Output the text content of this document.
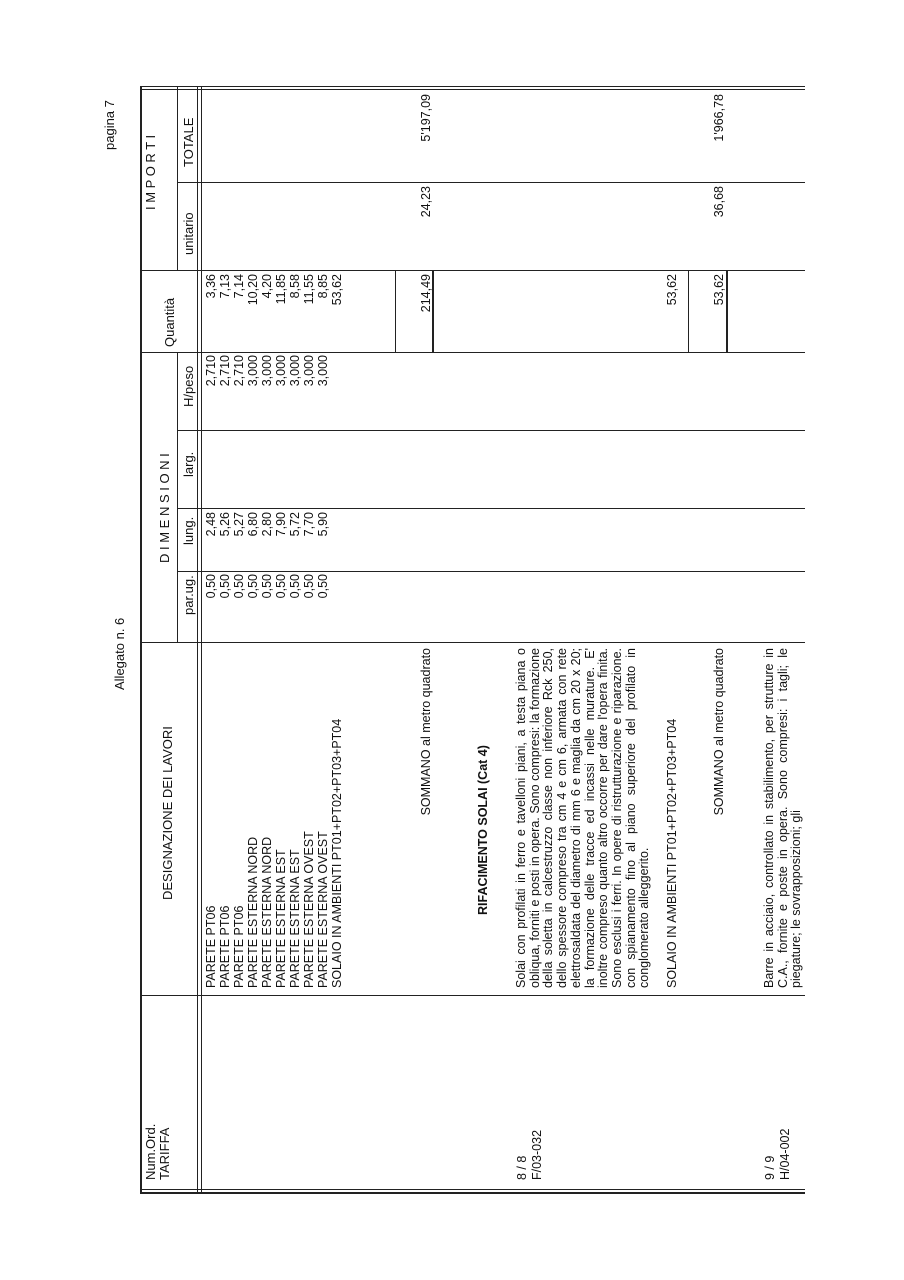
Allegato n. 6
pagina 7
Num.Ord. TARIFFA
DESIGNAZIONE DEI LAVORI
D I M E N S I O N I
Quantità
I M P O R T I
par.ug.
lung.
larg.
H/peso
unitario
TOTALE
PARETE PT06
0,50
2,48
2,710
3,36
PARETE PT06
0,50
5,26
2,710
7,13
PARETE PT06
0,50
5,27
2,710
7,14
PARETE ESTERNA NORD
0,50
6,80
3,000
10,20
PARETE ESTERNA NORD
0,50
2,80
3,000
4,20
PARETE ESTERNA EST
0,50
7,90
3,000
11,85
PARETE ESTERNA EST
0,50
5,72
3,000
8,58
PARETE ESTERNA OVEST
0,50
7,70
3,000
11,55
PARETE ESTERNA OVEST
0,50
5,90
3,000
8,85
SOLAIO IN AMBIENTI PT01+PT02+PT03+PT04
53,62
SOMMANO al metro quadrato
214,49
24,23
5'197,09
RIFACIMENTO SOLAI (Cat 4)
8 / 8 F/03-032
Solai con profilati in ferro e tavelloni piani, a testa piana o obliqua, forniti e posti in opera. Sono compresi: la formazione della soletta in calcestruzzo classe non inferiore Rck 250, dello spessore compreso tra cm 4 e cm 6, armata con rete elettrosaldata del diametro di mm 6 e maglia da cm 20 x 20; la formazione delle tracce ed incassi nelle murature. E' inoltre compreso quanto altro occorre per dare l'opera finita. Sono esclusi i ferri. In opere di ristrutturazione e riparazione. con spianamento fino al piano superiore del profilato in conglomerato alleggerito. SOLAIO IN AMBIENTI PT01+PT02+PT03+PT04
53,62
SOMMANO al metro quadrato
53,62
36,68
1'966,78
9 / 9 H/04-002
Barre in acciaio, controllato in stabilimento, per strutture in C.A., fornite e poste in opera. Sono compresi: i tagli; le piegature; le sovrapposizioni; gli
